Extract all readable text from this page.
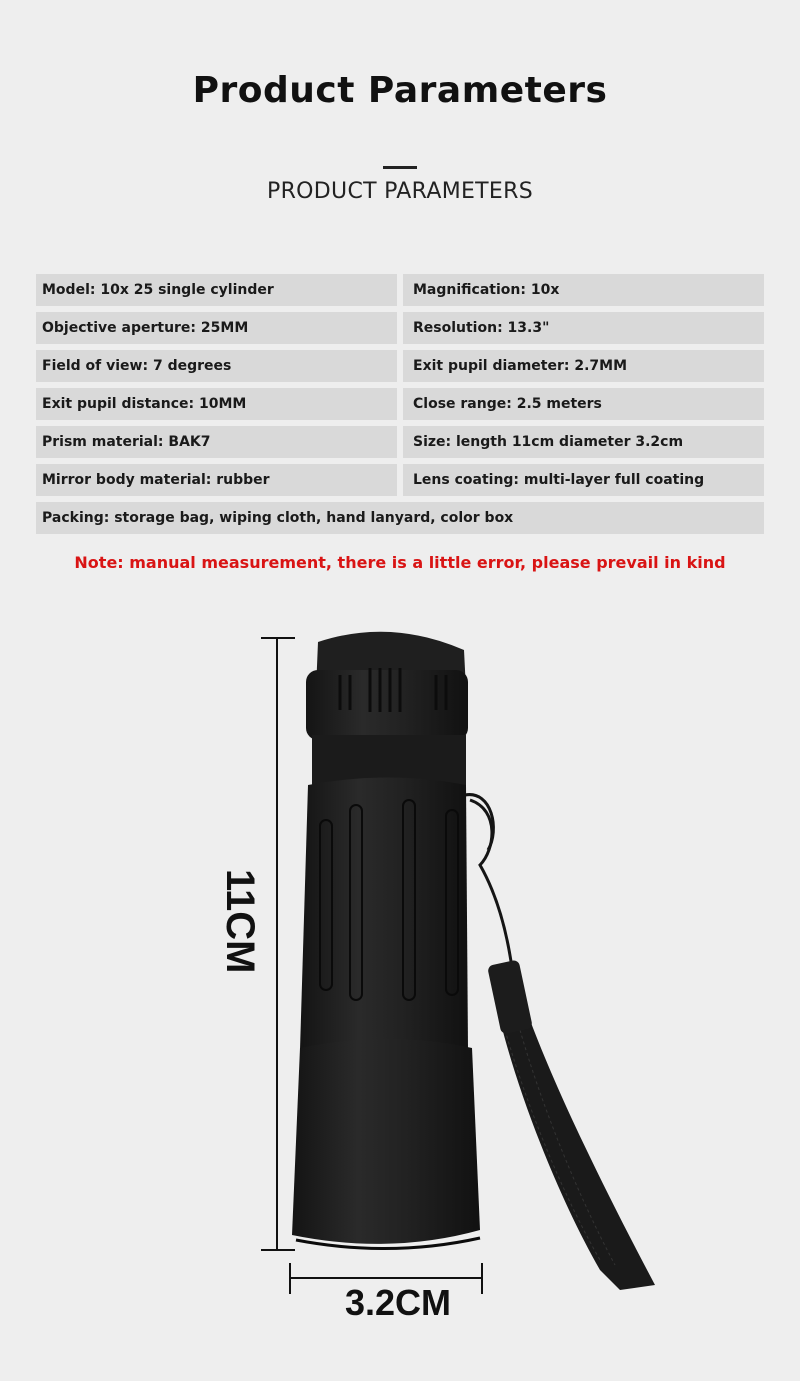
Product Parameters
PRODUCT PARAMETERS
Model: 10x 25 single cylinder	Magnification: 10x
Objective aperture: 25MM	Resolution: 13.3"
Field of view: 7 degrees	Exit pupil diameter: 2.7MM
Exit pupil distance: 10MM	Close range: 2.5 meters
Prism material: BAK7	Size: length 11cm diameter 3.2cm
Mirror body material: rubber	Lens coating: multi-layer full coating
Packing: storage bag, wiping cloth, hand lanyard, color box
Note: manual measurement, there is a little error, please prevail in kind
11CM
3.2CM
